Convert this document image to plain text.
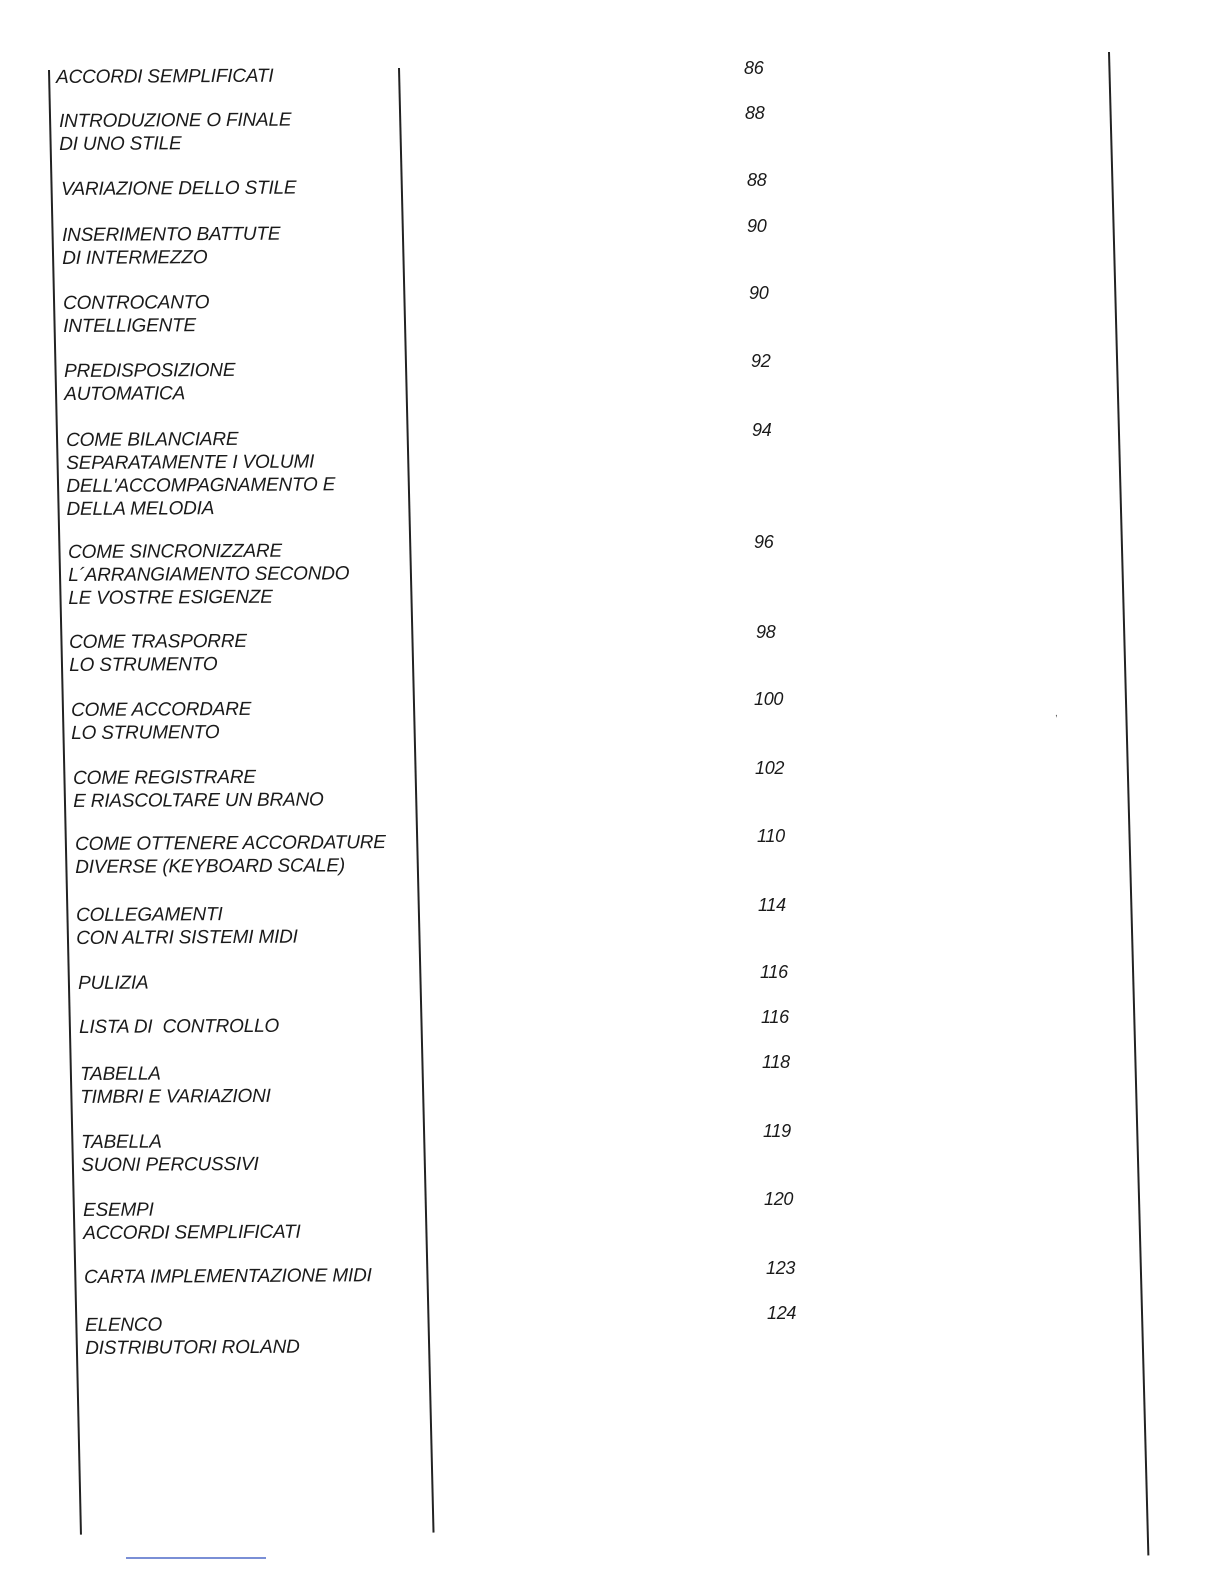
,
ACCORDI SEMPLIFICATI	86
INTRODUZIONE O FINALE
DI UNO STILE
88
VARIAZIONE DELLO STILE	88
INSERIMENTO BATTUTE
DI INTERMEZZO
90
CONTROCANTO
INTELLIGENTE
90
PREDISPOSIZIONE
AUTOMATICA
92
COME BILANCIARE
SEPARATAMENTE I VOLUMI
DELL'ACCOMPAGNAMENTO E
DELLA MELODIA
94
COME SINCRONIZZARE
L´ARRANGIAMENTO SECONDO
LE VOSTRE ESIGENZE
96
COME TRASPORRE
LO STRUMENTO
98
COME ACCORDARE
LO STRUMENTO
100
COME REGISTRARE
E RIASCOLTARE UN BRANO
102
COME OTTENERE ACCORDATURE
DIVERSE (KEYBOARD SCALE)
110
COLLEGAMENTI
CON ALTRI SISTEMI MIDI
114
PULIZIA
116
LISTA DI  CONTROLLO	116
TABELLA
TIMBRI E VARIAZIONI
118
TABELLA
SUONI PERCUSSIVI
119
ESEMPI
ACCORDI SEMPLIFICATI
120
CARTA IMPLEMENTAZIONE MIDI	123
ELENCO
DISTRIBUTORI ROLAND
124
